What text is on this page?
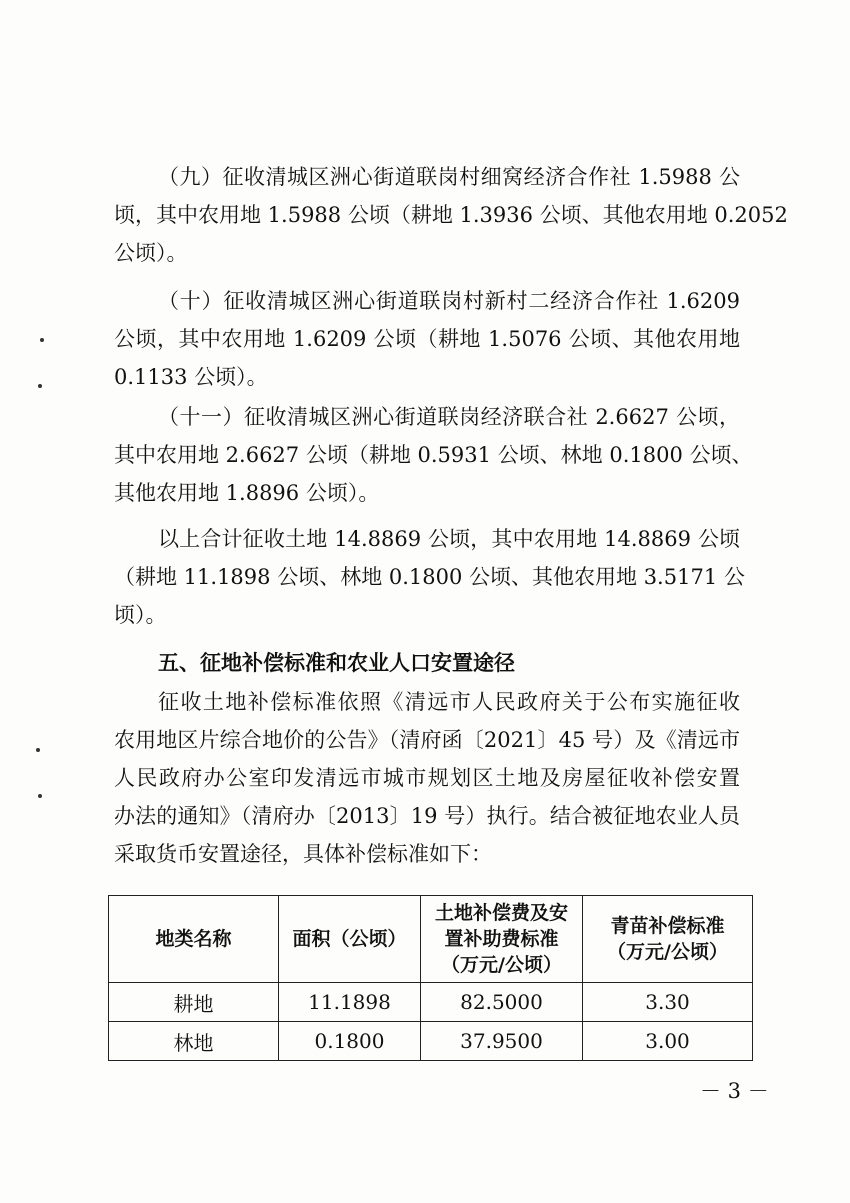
（九）征收清城区洲心街道联岗村细窝经济合作社 1.5988 公
顷，其中农用地 1.5988 公顷（耕地 1.3936 公顷、其他农用地 0.2052
公顷）。
（十）征收清城区洲心街道联岗村新村二经济合作社 1.6209
公顷，其中农用地 1.6209 公顷（耕地 1.5076 公顷、其他农用地
0.1133 公顷）。
（十一）征收清城区洲心街道联岗经济联合社 2.6627 公顷，
其中农用地 2.6627 公顷（耕地 0.5931 公顷、林地 0.1800 公顷、
其他农用地 1.8896 公顷）。
以上合计征收土地 14.8869 公顷，其中农用地 14.8869 公顷
（耕地 11.1898 公顷、林地 0.1800 公顷、其他农用地 3.5171 公
顷）。
五、征地补偿标准和农业人口安置途径
征收土地补偿标准依照《清远市人民政府关于公布实施征收
农用地区片综合地价的公告》（清府函〔2021〕45 号）及《清远市
人民政府办公室印发清远市城市规划区土地及房屋征收补偿安置
办法的通知》（清府办〔2013〕19 号）执行。结合被征地农业人员
采取货币安置途径，具体补偿标准如下：
地类名称	面积（公顷）	土地补偿费及安置补助费标准（万元/公顷）	青苗补偿标准（万元/公顷）
耕地	11.1898	82.5000	3.30
林地	0.1800	37.9500	3.00
－ 3 －
